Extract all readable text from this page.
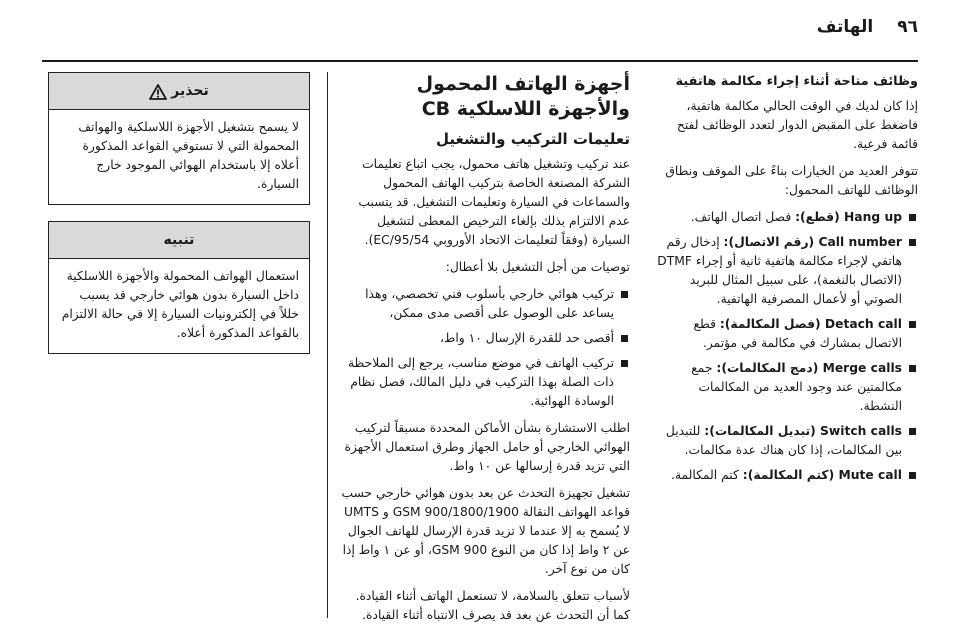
٩٦
الهاتف
وظائف متاحة أثناء إجراء مكالمة هاتفية

إذا كان لديك في الوقت الحالي مكالمة هاتفية، فاضغط على المقبض الدوار لتعدد الوظائف لفتح قائمة فرعية.

تتوفر العديد من الخيارات بناءً على الموقف ونطاق الوظائف للهاتف المحمول:

Hang up (قطع): فصل اتصال الهاتف.
Call number (رقم الاتصال): إدخال رقم هاتفي لإجراء مكالمة هاتفية ثانية أو إجراء DTMF (الاتصال بالنغمة)، على سبيل المثال للبريد الصوتي أو لأعمال المصرفية الهاتفية.
Detach call (فصل المكالمة): قطع الاتصال بمشارك في مكالمة في مؤتمر.
Merge calls (دمج المكالمات): جمع مكالمتين عند وجود العديد من المكالمات النشطة.
Switch calls (تبديل المكالمات): للتبديل بين المكالمات، إذا كان هناك عدة مكالمات.
Mute call (كتم المكالمة): كتم المكالمة.
أجهزة الهاتف المحمول والأجهزة اللاسلكية CB
تعليمات التركيب والتشغيل

عند تركيب وتشغيل هاتف محمول، يجب اتباع تعليمات الشركة المصنعة الخاصة بتركيب الهاتف المحمول والسماعات في السيارة وتعليمات التشغيل. قد يتسبب عدم الالتزام بذلك بإلغاء الترخيص المعطى لتشغيل السيارة (وفقاً لتعليمات الاتحاد الأوروبي 95/54/EC).

توصيات من أجل التشغيل بلا أعطال:

تركيب هوائي خارجي بأسلوب فني تخصصي، وهذا يساعد على الوصول على أقصى مدى ممكن،
أقصى حد للقدرة الإرسال ١٠ واط،
تركيب الهاتف في موضع مناسب، يرجع إلى الملاحظة ذات الصلة بهذا التركيب في دليل المالك، فصل نظام الوسادة الهوائية.

اطلب الاستشارة بشأن الأماكن المحددة مسبقاً لتركيب الهوائي الخارجي أو حامل الجهاز وطرق استعمال الأجهزة التي تزيد قدرة إرسالها عن ١٠ واط.

تشغيل تجهيزة التحدث عن بعد بدون هوائي خارجي حسب قواعد الهواتف النقالة GSM 900/1800/1900 و UMTS لا يُسمح به إلا عندما لا تزيد قدرة الإرسال للهاتف الجوال عن ٢ واط إذا كان من النوع GSM 900، أو عن ١ واط إذا كان من نوع آخر.

لأسباب تتعلق بالسلامة، لا تستعمل الهاتف أثناء القيادة. كما أن التحدث عن بعد قد يصرف الانتباه أثناء القيادة.

تحذير
لا يسمح بتشغيل الأجهزة اللاسلكية والهواتف المحمولة التي لا تستوفي القواعد المذكورة أعلاه إلا باستخدام الهوائي الموجود خارج السيارة.
تنبيه
استعمال الهواتف المحمولة والأجهزة اللاسلكية داخل السيارة بدون هوائي خارجي قد يسبب خللاً في إلكترونيات السيارة إلا في حالة الالتزام بالقواعد المذكورة أعلاه.
